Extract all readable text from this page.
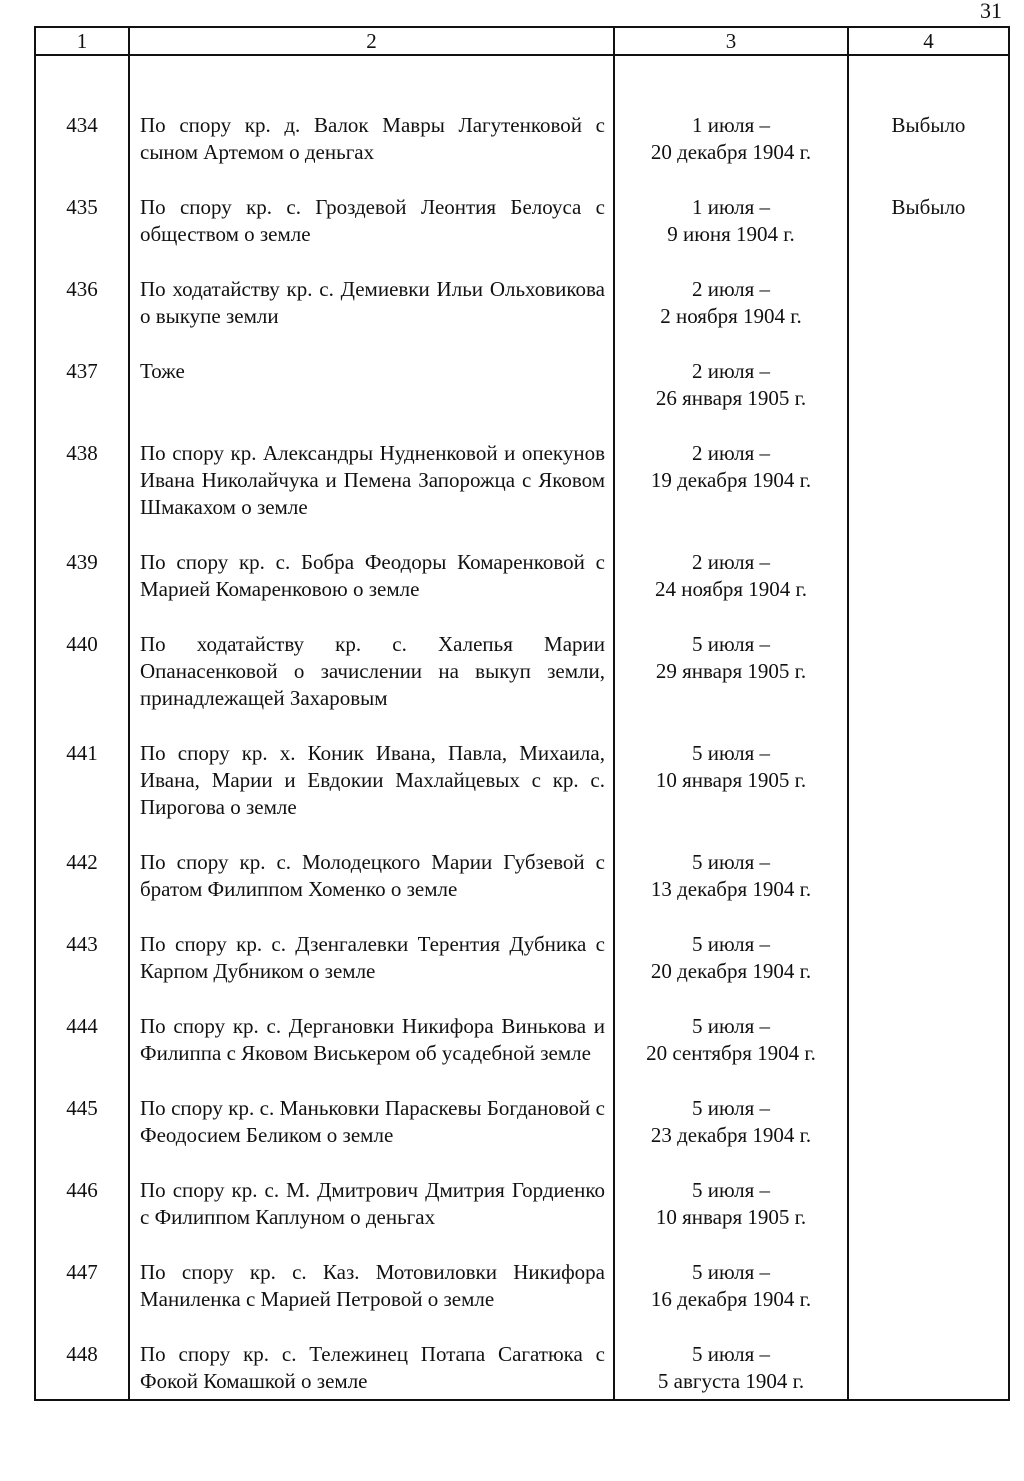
31
1	2	3	4
434	По спору кр. д. Валок Мавры Лагутенковой с сыном Артемом о деньгах	1 июля –
20 декабря 1904 г.	Выбыло
435	По спору кр. с. Гроздевой Леонтия Белоуса с обществом о земле	1 июля –
9 июня 1904 г.	Выбыло
436	По ходатайству кр. с. Демиевки Ильи Ольховикова о выкупе земли	2 июля –
2 ноября 1904 г.	

437	Тоже	2 июля –
26 января 1905 г.	

438	По спору кр. Александры Нудненковой и опекунов Ивана Николайчука и Пемена Запорожца с Яковом Шмакахом о земле	2 июля –
19 декабря 1904 г.	

439	По спору кр. с. Бобра Феодоры Комаренковой с Марией Комаренковою о земле	2 июля –
24 ноября 1904 г.	

440	По ходатайству кр. с. Халепья Марии Опанасенковой о зачислении на выкуп земли, принадлежащей Захаровым	5 июля –
29 января 1905 г.	

441	По спору кр. х. Коник Ивана, Павла, Михаила, Ивана, Марии и Евдокии Махлайцевых с кр. с. Пирогова о земле	5 июля –
10 января 1905 г.	

442	По спору кр. с. Молодецкого Марии Губзевой с братом Филиппом Хоменко о земле	5 июля –
13 декабря 1904 г.	

443	По спору кр. с. Дзенгалевки Терентия Дубника с Карпом Дубником о земле	5 июля –
20 декабря 1904 г.	

444	По спору кр. с. Дергановки Никифора Винькова и Филиппа с Яковом Виськером об усадебной земле	5 июля –
20 сентября 1904 г.	

445	По спору кр. с. Маньковки Параскевы Богдановой с Феодосием Беликом о земле	5 июля –
23 декабря 1904 г.	

446	По спору кр. с. М. Дмитрович Дмитрия Гордиенко с Филиппом Каплуном о деньгах	5 июля –
10 января 1905 г.	

447	По спору кр. с. Каз. Мотовиловки Никифора Маниленка с Марией Петровой о земле	5 июля –
16 декабря 1904 г.	

448	По спору кр. с. Тележинец Потапа Сагатюка с Фокой Комашкой о земле	5 июля –
5 августа 1904 г.	
